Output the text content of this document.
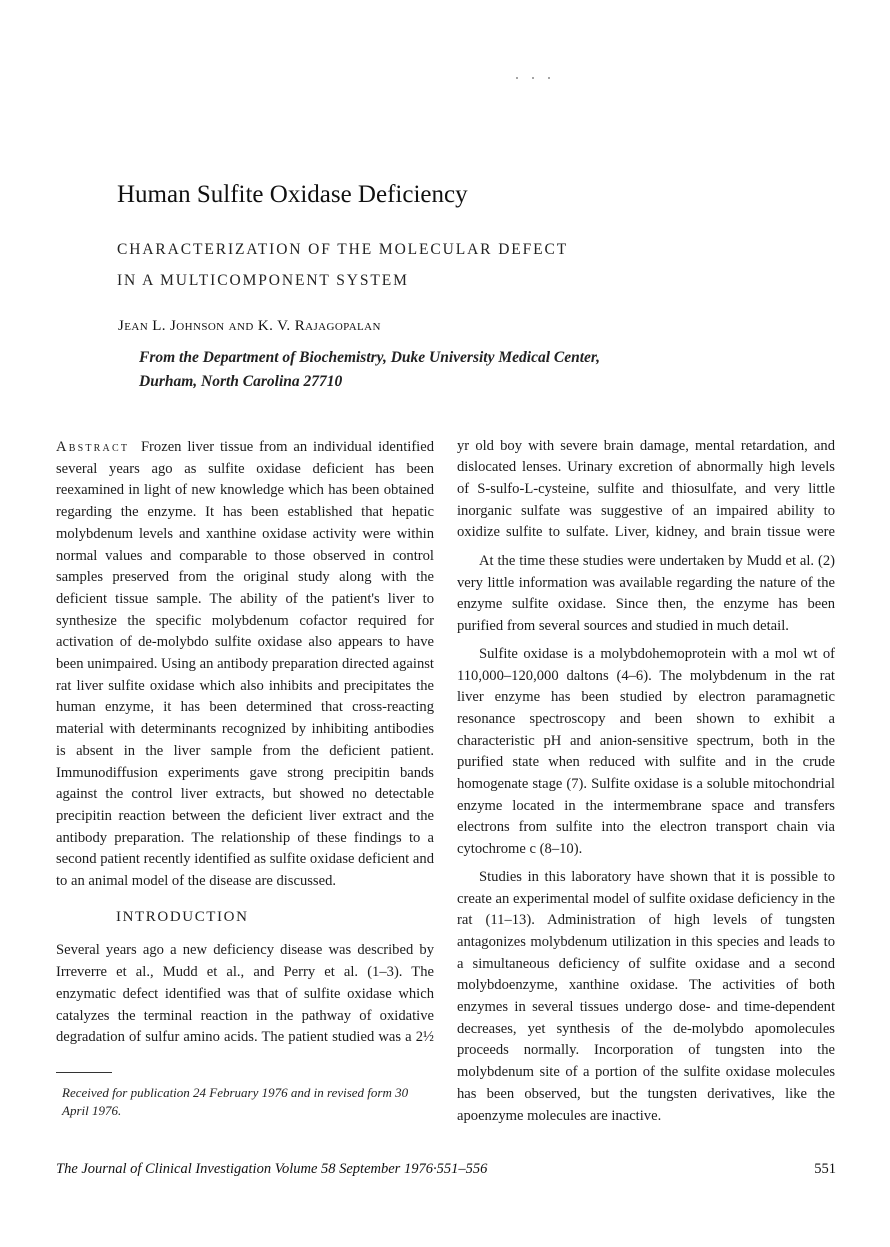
Human Sulfite Oxidase Deficiency
CHARACTERIZATION OF THE MOLECULAR DEFECT
IN A MULTICOMPONENT SYSTEM
Jean L. Johnson and K. V. Rajagopalan
From the Department of Biochemistry, Duke University Medical Center,
Durham, North Carolina 27710

Abstract Frozen liver tissue from an individual identified several years ago as sulfite oxidase deficient has been reexamined in light of new knowledge which has been obtained regarding the enzyme. It has been established that hepatic molybdenum levels and xanthine oxidase activity were within normal values and comparable to those observed in control samples preserved from the original study along with the deficient tissue sample. The ability of the patient's liver to synthesize the specific molybdenum cofactor required for activation of de-molybdo sulfite oxidase also appears to have been unimpaired. Using an antibody preparation directed against rat liver sulfite oxidase which also inhibits and precipitates the human enzyme, it has been determined that cross-reacting material with determinants recognized by inhibiting antibodies is absent in the liver sample from the deficient patient. Immunodiffusion experiments gave strong precipitin bands against the control liver extracts, but showed no detectable precipitin reaction between the deficient liver extract and the antibody preparation. The relationship of these findings to a second patient recently identified as sulfite oxidase deficient and to an animal model of the disease are discussed.

INTRODUCTION

Several years ago a new deficiency disease was described by Irreverre et al., Mudd et al., and Perry et al. (1–3). The enzymatic defect identified was that of sulfite oxidase which catalyzes the terminal reaction in the pathway of oxidative degradation of sulfur amino acids. The patient studied was a 2½

Received for publication 24 February 1976 and in revised form 30 April 1976.

yr old boy with severe brain damage, mental retardation, and dislocated lenses. Urinary excretion of abnormally high levels of S-sulfo-L-cysteine, sulfite and thiosulfate, and very little inorganic sulfate was suggestive of an impaired ability to oxidize sulfite to sulfate. Liver, kidney, and brain tissue were

At the time these studies were undertaken by Mudd et al. (2) very little information was available regarding the nature of the enzyme sulfite oxidase. Since then, the enzyme has been purified from several sources and studied in much detail.

Sulfite oxidase is a molybdohemoprotein with a mol wt of 110,000–120,000 daltons (4–6). The molybdenum in the rat liver enzyme has been studied by electron paramagnetic resonance spectroscopy and been shown to exhibit a characteristic pH and anion-sensitive spectrum, both in the purified state when reduced with sulfite and in the crude homogenate stage (7). Sulfite oxidase is a soluble mitochondrial enzyme located in the intermembrane space and transfers electrons from sulfite into the electron transport chain via cytochrome c (8–10).

Studies in this laboratory have shown that it is possible to create an experimental model of sulfite oxidase deficiency in the rat (11–13). Administration of high levels of tungsten antagonizes molybdenum utilization in this species and leads to a simultaneous deficiency of sulfite oxidase and a second molybdoenzyme, xanthine oxidase. The activities of both enzymes in several tissues undergo dose- and time-dependent decreases, yet synthesis of the de-molybdo apomolecules proceeds normally. Incorporation of tungsten into the molybdenum site of a portion of the sulfite oxidase molecules has been observed, but the tungsten derivatives, like the apoenzyme molecules are inactive.

The Journal of Clinical Investigation Volume 58 September 1976·551–556	551
